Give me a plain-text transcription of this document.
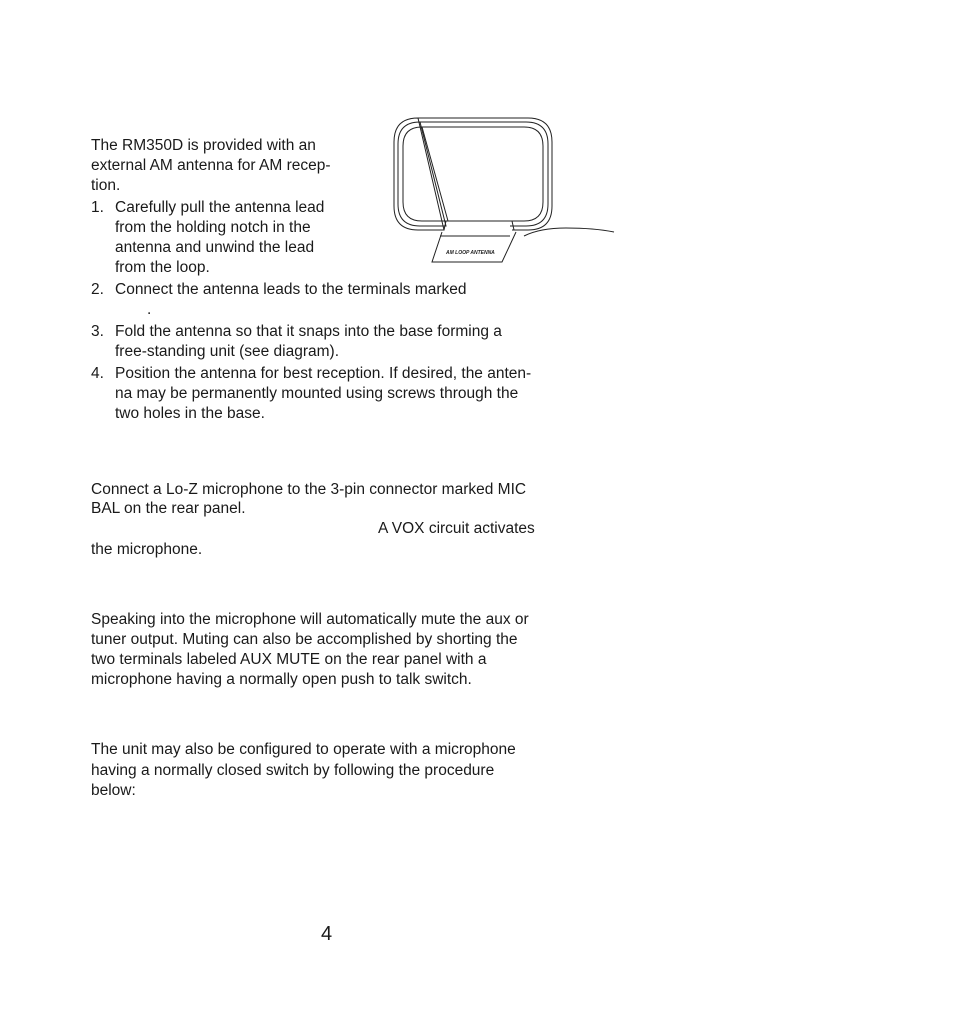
The RM350D is provided with an
external AM antenna for AM recep-
tion.
1. Carefully pull the antenna lead
from the holding notch in the
antenna and unwind the lead
from the loop.
2. Connect the antenna leads to the terminals marked
.
3. Fold the antenna so that it snaps into the base forming a
free-standing unit (see diagram).
4. Position the antenna for best reception. If desired, the anten-
na may be permanently mounted using screws through the
two holes in the base.
AM LOOP ANTENNA
Connect a Lo-Z microphone to the 3-pin connector marked MIC
BAL on the rear panel.
A VOX circuit activates
the microphone.
Speaking into the microphone will automatically mute the aux or
tuner output. Muting can also be accomplished by shorting the
two terminals labeled AUX MUTE on the rear panel with a
microphone having a normally open push to talk switch.
The unit may also be configured to operate with a microphone
having a normally closed switch by following the procedure
below:
4
